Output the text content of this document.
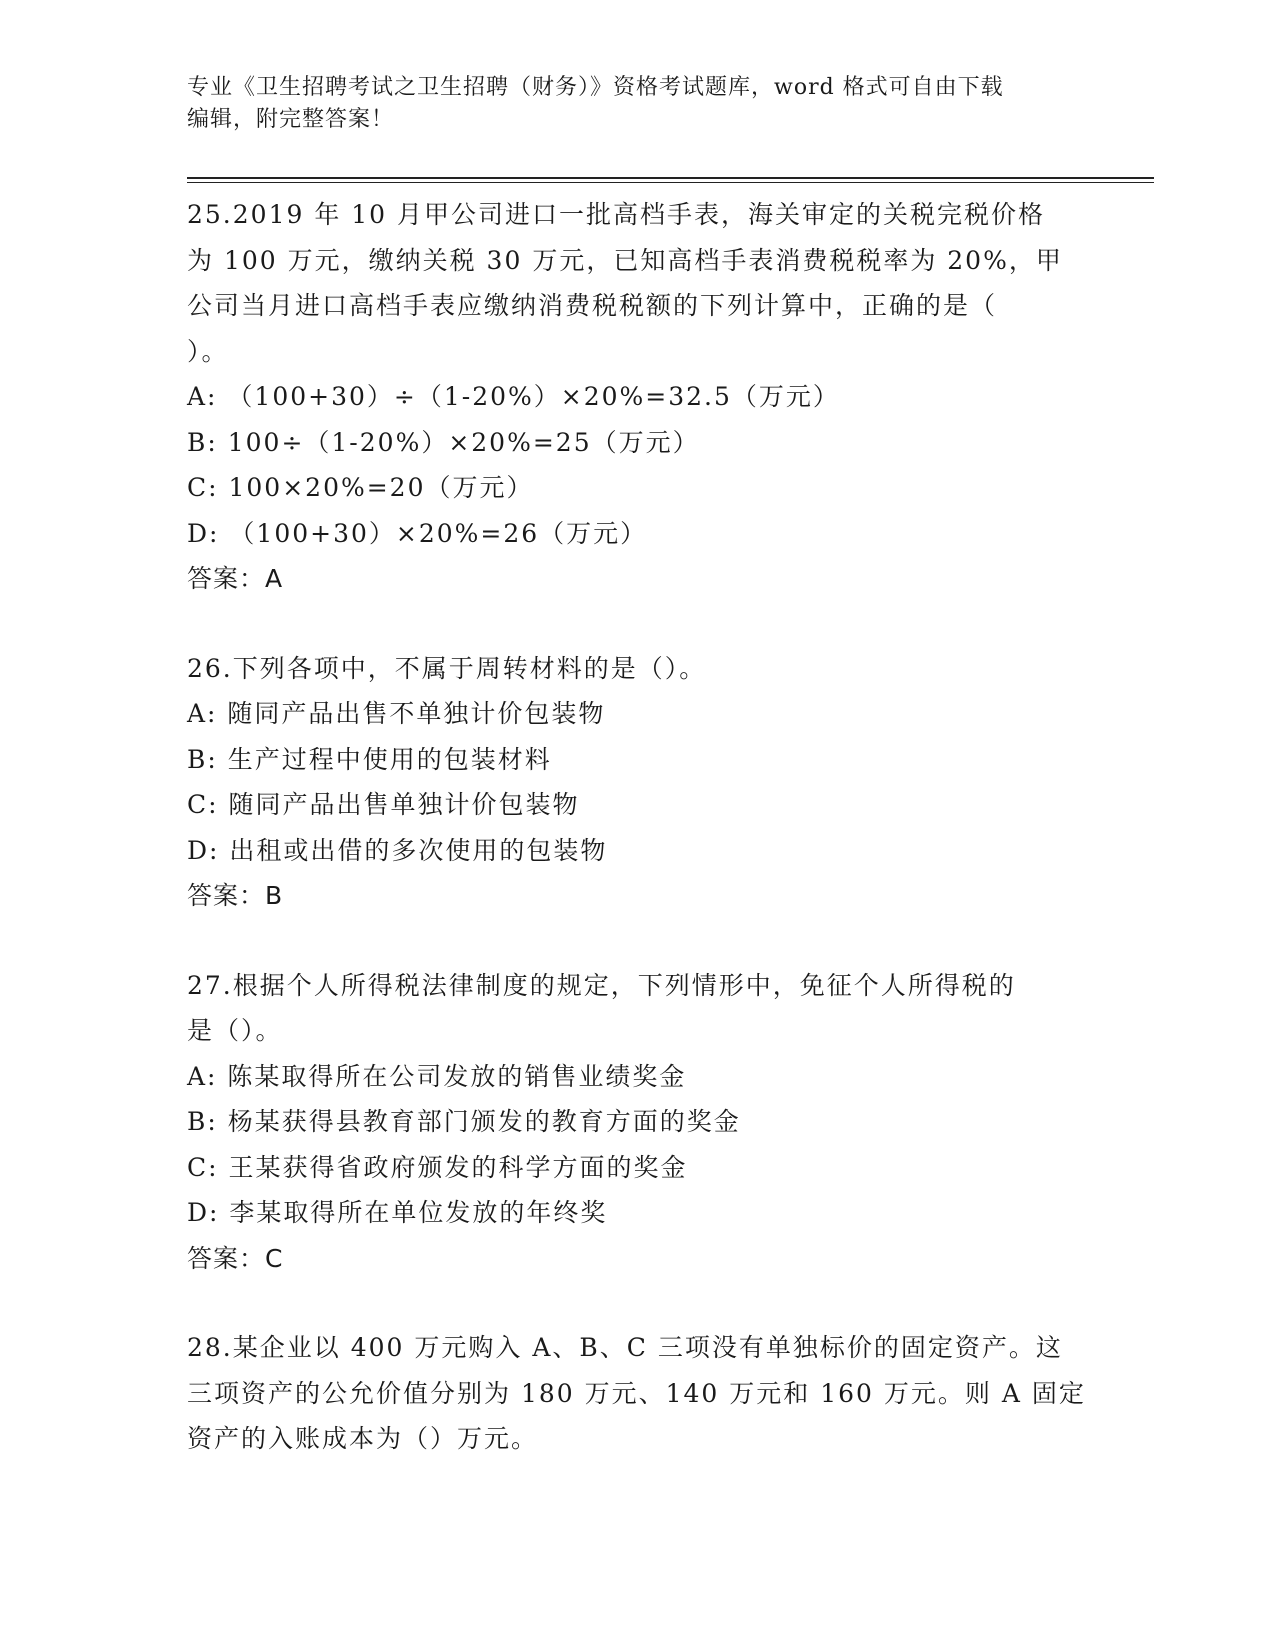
专业《卫生招聘考试之卫生招聘（财务）》资格考试题库，word 格式可自由下载
编辑，附完整答案！
25.2019 年 10 月甲公司进口一批高档手表，海关审定的关税完税价格
为 100 万元，缴纳关税 30 万元，已知高档手表消费税税率为 20%，甲
公司当月进口高档手表应缴纳消费税税额的下列计算中，正确的是（
）。
A: （100+30）÷（1-20%）×20%=32.5（万元）
B: 100÷（1-20%）×20%=25（万元）
C: 100×20%=20（万元）
D: （100+30）×20%=26（万元）
答案：A
26.下列各项中，不属于周转材料的是（）。
A: 随同产品出售不单独计价包装物
B: 生产过程中使用的包装材料
C: 随同产品出售单独计价包装物
D: 出租或出借的多次使用的包装物
答案：B
27.根据个人所得税法律制度的规定，下列情形中，免征个人所得税的
是（）。
A: 陈某取得所在公司发放的销售业绩奖金
B: 杨某获得县教育部门颁发的教育方面的奖金
C: 王某获得省政府颁发的科学方面的奖金
D: 李某取得所在单位发放的年终奖
答案：C
28.某企业以 400 万元购入 A、B、C 三项没有单独标价的固定资产。这
三项资产的公允价值分别为 180 万元、140 万元和 160 万元。则 A 固定
资产的入账成本为（）万元。
